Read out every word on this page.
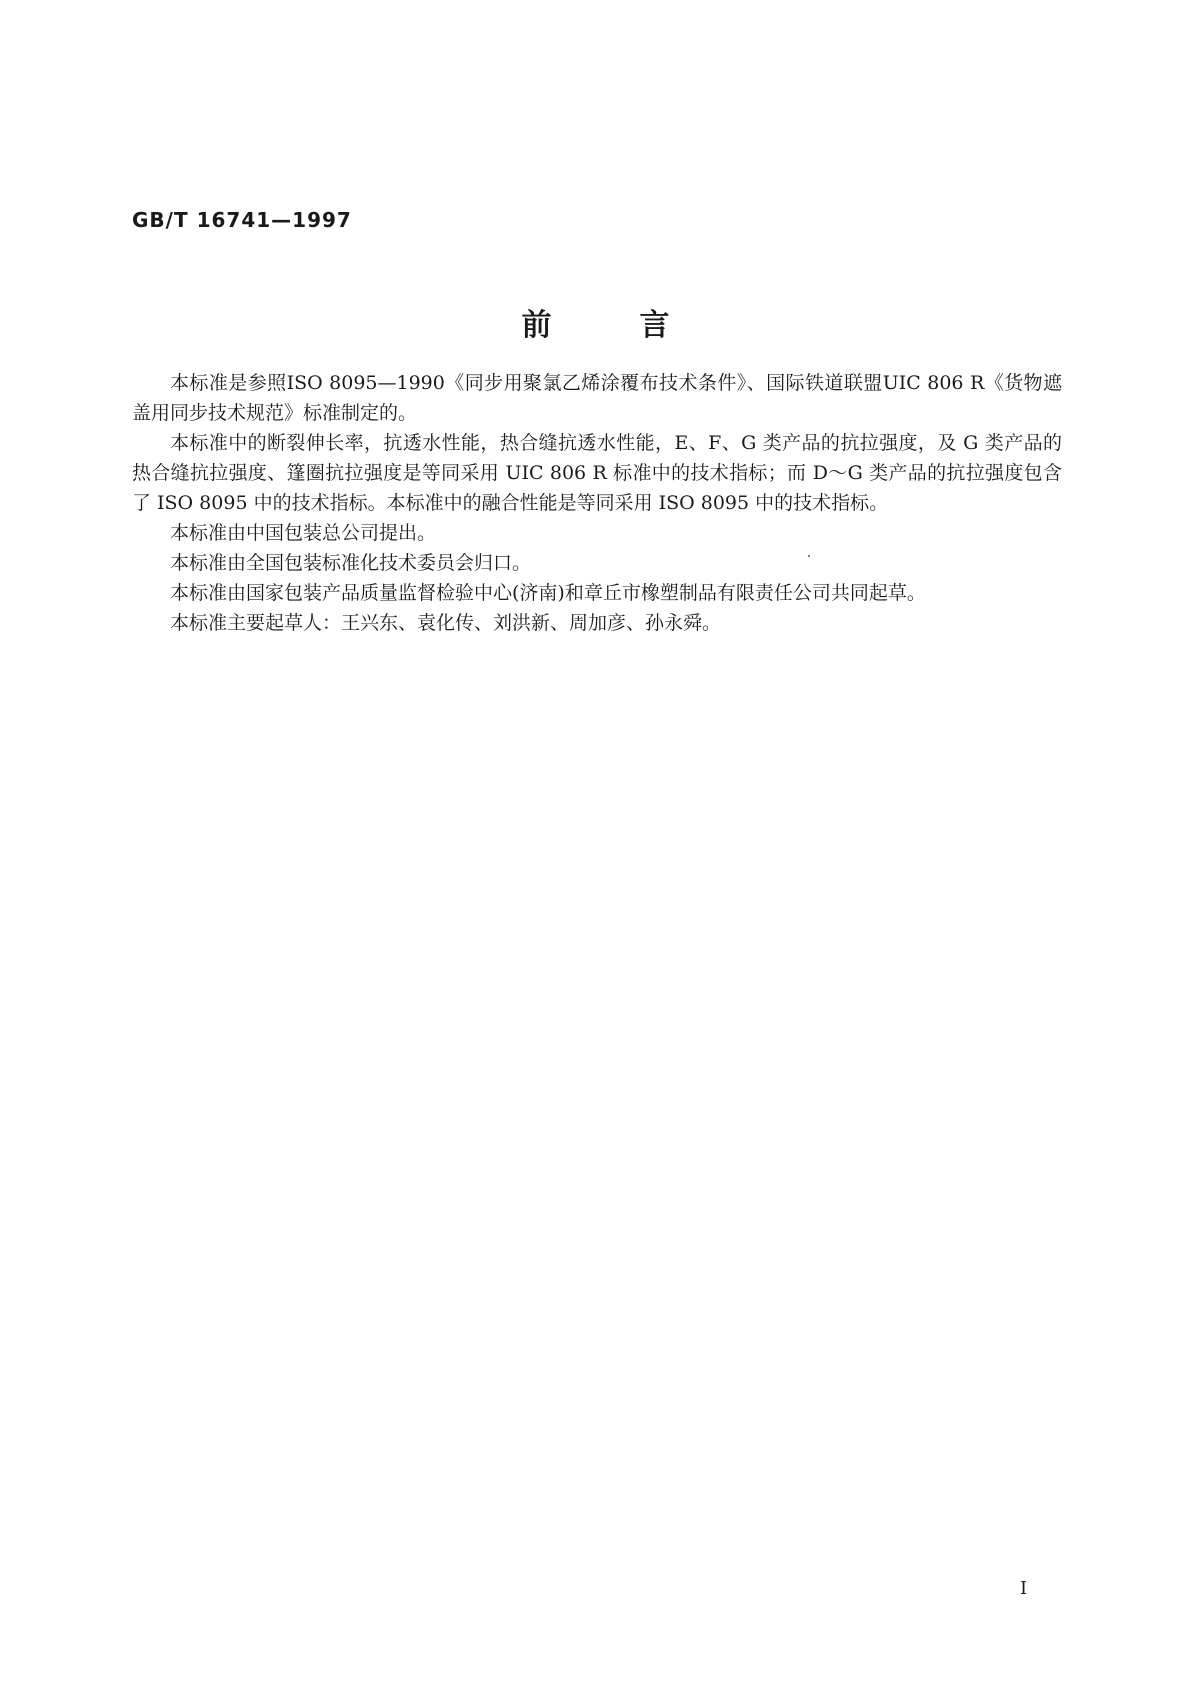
GB/T 16741—1997
前	言

本标准是参照ISO 8095—1990《同步用聚氯乙烯涂覆布技术条件》、国际铁道联盟UIC 806 R《货物遮盖用同步技术规范》标准制定的。

本标准中的断裂伸长率，抗透水性能，热合缝抗透水性能，E、F、G 类产品的抗拉强度，及 G 类产品的热合缝抗拉强度、篷圈抗拉强度是等同采用 UIC 806 R 标准中的技术指标；而 D～G 类产品的抗拉强度包含了 ISO 8095 中的技术指标。本标准中的融合性能是等同采用 ISO 8095 中的技术指标。

本标准由中国包装总公司提出。

本标准由全国包装标准化技术委员会归口。

本标准由国家包装产品质量监督检验中心(济南)和章丘市橡塑制品有限责任公司共同起草。

本标准主要起草人：王兴东、袁化传、刘洪新、周加彦、孙永舜。

I
